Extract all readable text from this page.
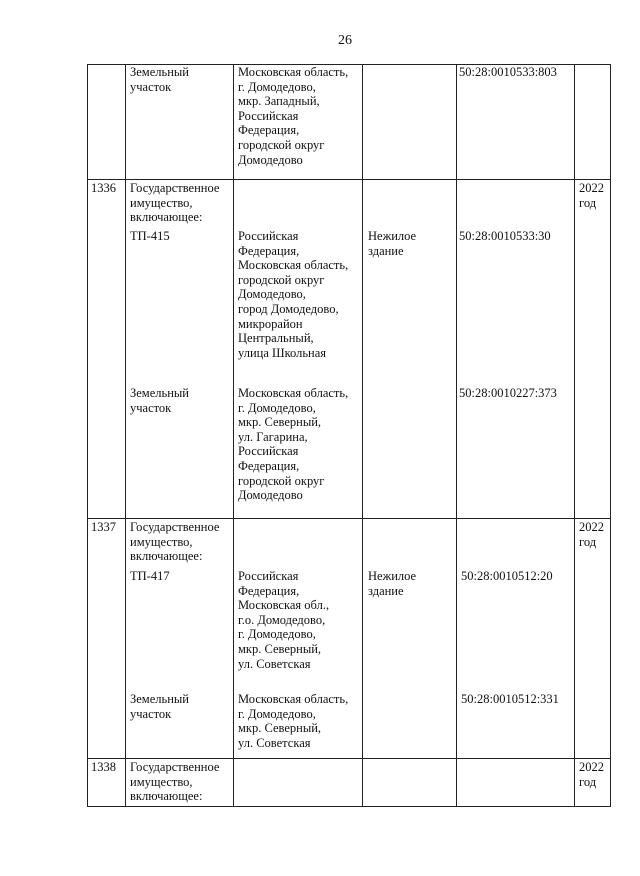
26
Земельный
участок
Московская область,
г. Домодедово,
мкр. Западный,
Российская
Федерация,
городской округ
Домодедово
50:28:0010533:803
1336 Государственное
имущество,
включающее:
2022
год
ТП-415	Российская
Федерация,
Московская область,
городской округ
Домодедово,
город Домодедово,
микрорайон
Центральный,
улица Школьная
Нежилое
здание
50:28:0010533:30
Земельный
участок
Московская область,
г. Домодедово,
мкр. Северный,
ул. Гагарина,
Российская
Федерация,
городской округ
Домодедово
50:28:0010227:373
1337 Государственное
имущество,
включающее:
2022
год
ТП-417	Российская
Федерация,
Московская обл.,
г.о. Домодедово,
г. Домодедово,
мкр. Северный,
ул. Советская
Нежилое
здание
50:28:0010512:20
Земельный
участок
Московская область,
г. Домодедово,
мкр. Северный,
ул. Советская
50:28:0010512:331
1338 Государственное
имущество,
включающее:
2022
год
